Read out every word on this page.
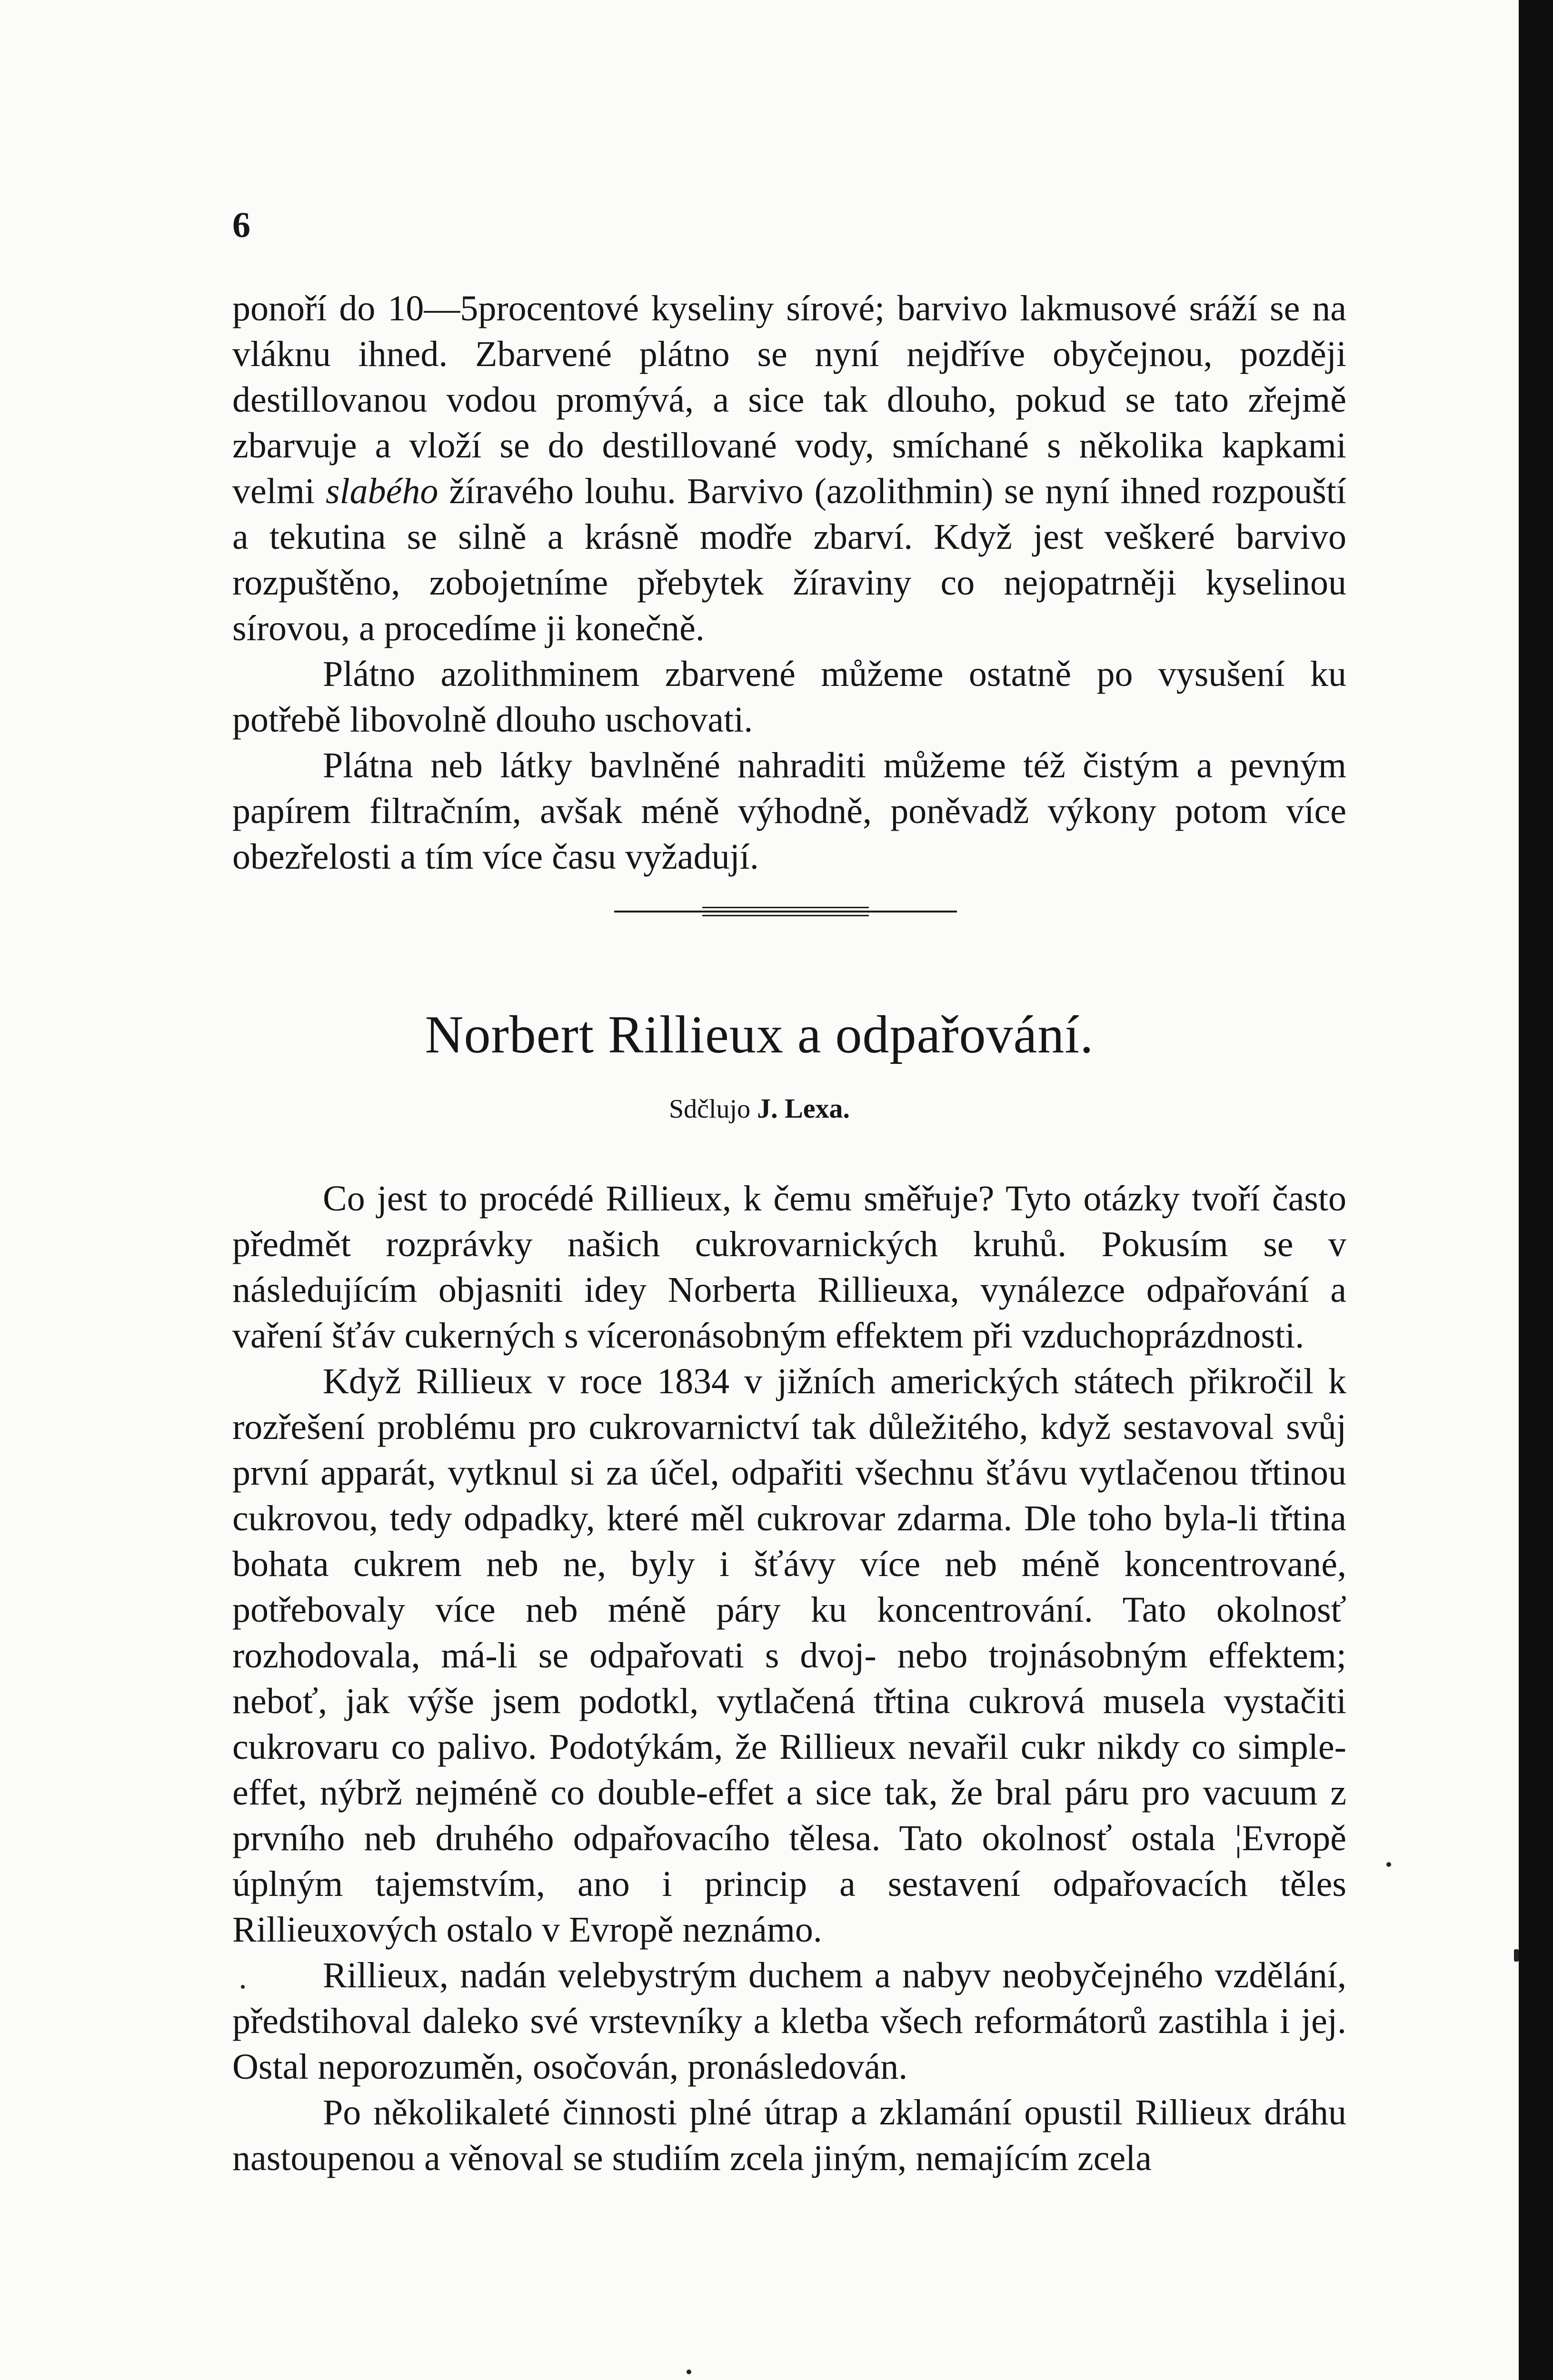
6

ponoří do 10—5procentové kyseliny sírové; barvivo lakmusové sráží se na vláknu ihned. Zbarvené plátno se nyní nejdříve obyčejnou, později destillovanou vodou promývá, a sice tak dlouho, pokud se tato zřejmě zbarvuje a vloží se do destillované vody, smíchané s několika kapkami velmi slabého žíravého louhu. Barvivo (azolithmin) se nyní ihned rozpouští a tekutina se silně a krásně modře zbarví. Když jest veškeré barvivo rozpuštěno, zobojetníme přebytek žíraviny co nejopatrněji kyselinou sírovou, a procedíme ji konečně.

Plátno azolithminem zbarvené můžeme ostatně po vysušení ku potřebě libovolně dlouho uschovati.

Plátna neb látky bavlněné nahraditi můžeme též čistým a pevným papírem filtračním, avšak méně výhodně, poněvadž výkony potom více obezřelosti a tím více času vyžadují.

Norbert Rillieux a odpařování.
Sdčlujo J. Lexa.

Co jest to procédé Rillieux, k čemu směřuje? Tyto otázky tvoří často předmět rozprávky našich cukrovarnických kruhů. Pokusím se v následujícím objasniti idey Norberta Rillieuxa, vynálezce odpařování a vaření šťáv cukerných s víceronásobným effektem při vzduchoprázdnosti.

Když Rillieux v roce 1834 v jižních amerických státech přikročil k rozřešení problému pro cukrovarnictví tak důležitého, když sestavoval svůj první apparát, vytknul si za účel, odpařiti všechnu šťávu vytlačenou třtinou cukrovou, tedy odpadky, které měl cukrovar zdarma. Dle toho byla-li třtina bohata cukrem neb ne, byly i šťávy více neb méně koncentrované, potřebovaly více neb méně páry ku koncentrování. Tato okolnosť rozhodovala, má-li se odpařovati s dvoj- nebo trojnásobným effektem; neboť, jak výše jsem podotkl, vytlačená třtina cukrová musela vystačiti cukrovaru co palivo. Podotýkám, že Rillieux nevařil cukr nikdy co simple-effet, nýbrž nejméně co double-effet a sice tak, že bral páru pro vacuum z prvního neb druhého odpařovacího tělesa. Tato okolnosť ostala ¦Evropě úplným tajemstvím, ano i princip a sestavení odpařovacích těles Rillieuxových ostalo v Evropě neznámo.

Rillieux, nadán velebystrým duchem a nabyv neobyčejného vzdělání, předstihoval daleko své vrstevníky a kletba všech reformátorů zastihla i jej. Ostal neporozuměn, osočován, pronásledován.

Po několikaleté činnosti plné útrap a zklamání opustil Rillieux dráhu nastoupenou a věnoval se studiím zcela jiným, nemajícím zcela
